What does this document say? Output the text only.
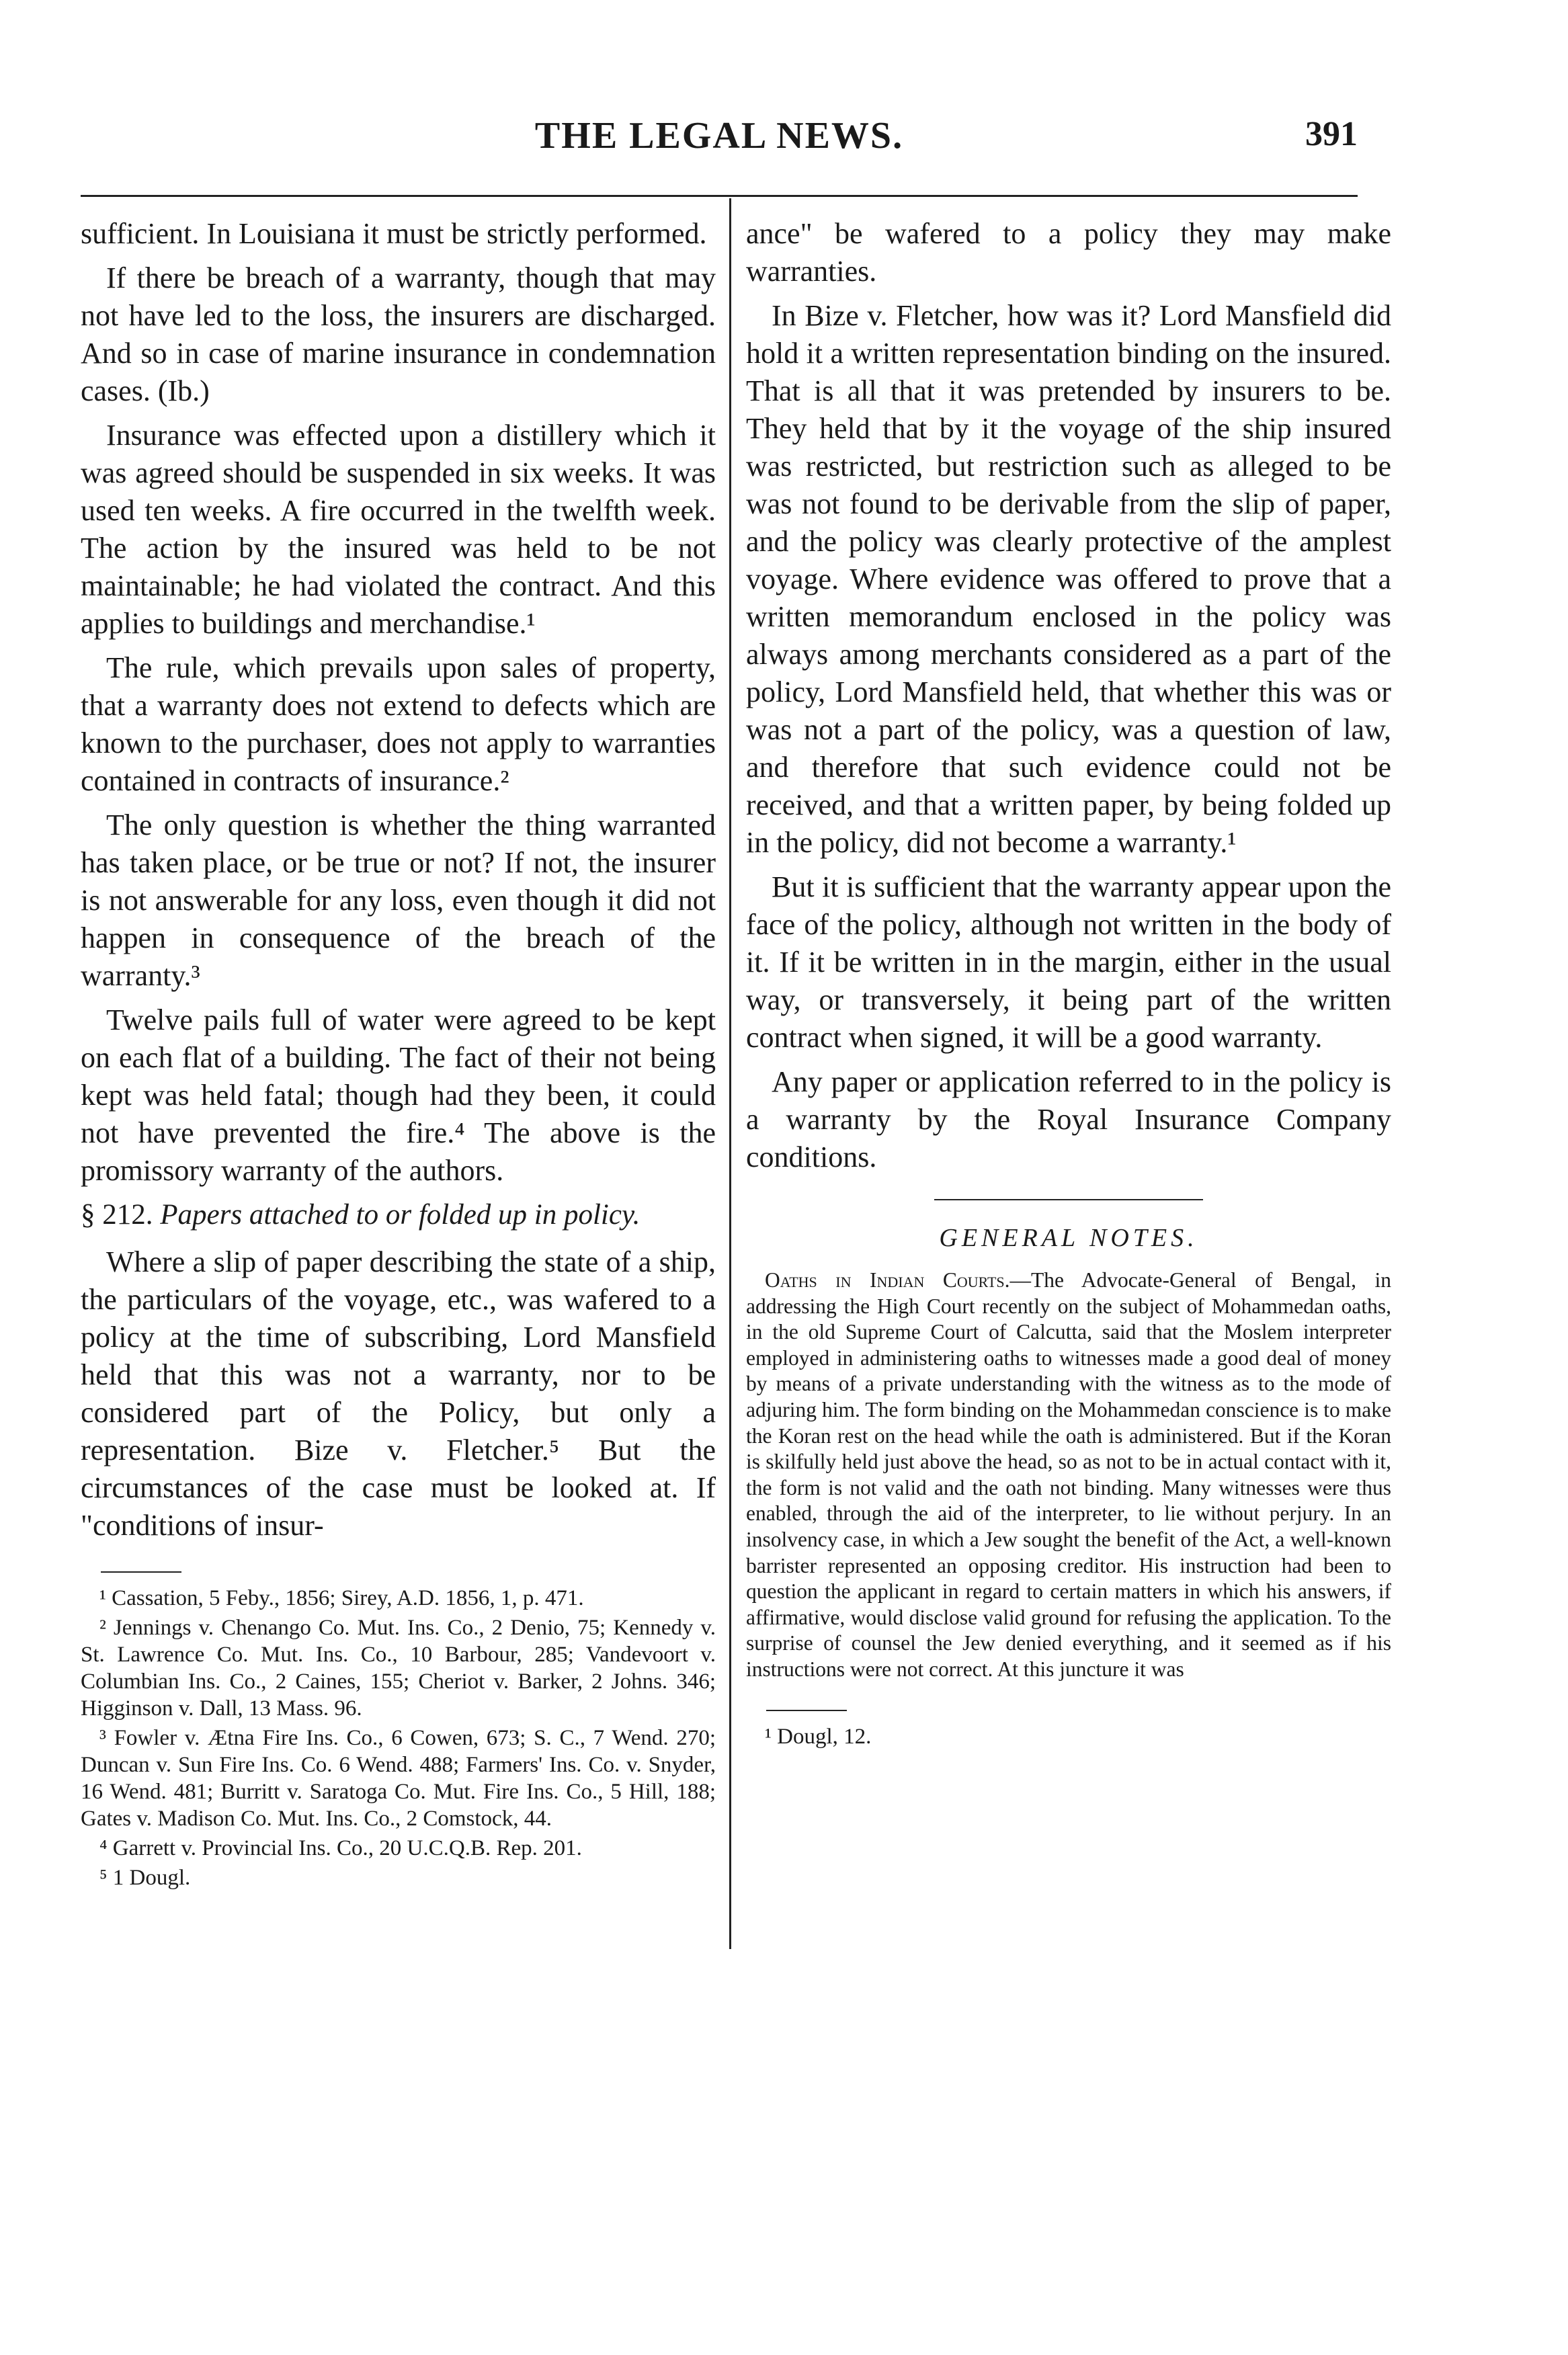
THE LEGAL NEWS.	391

sufficient. In Louisiana it must be strictly performed.

If there be breach of a warranty, though that may not have led to the loss, the insurers are discharged. And so in case of marine insurance in condemnation cases. (Ib.)

Insurance was effected upon a distillery which it was agreed should be suspended in six weeks. It was used ten weeks. A fire occurred in the twelfth week. The action by the insured was held to be not maintainable; he had violated the contract. And this applies to buildings and merchandise.¹

The rule, which prevails upon sales of property, that a warranty does not extend to defects which are known to the purchaser, does not apply to warranties contained in contracts of insurance.²

The only question is whether the thing warranted has taken place, or be true or not? If not, the insurer is not answerable for any loss, even though it did not happen in consequence of the breach of the warranty.³

Twelve pails full of water were agreed to be kept on each flat of a building. The fact of their not being kept was held fatal; though had they been, it could not have prevented the fire.⁴ The above is the promissory warranty of the authors.

§ 212. Papers attached to or folded up in policy.

Where a slip of paper describing the state of a ship, the particulars of the voyage, etc., was wafered to a policy at the time of subscribing, Lord Mansfield held that this was not a warranty, nor to be considered part of the Policy, but only a representation. Bize v. Fletcher.⁵ But the circumstances of the case must be looked at. If "conditions of insur-

¹ Cassation, 5 Feby., 1856; Sirey, A.D. 1856, 1, p. 471.

² Jennings v. Chenango Co. Mut. Ins. Co., 2 Denio, 75; Kennedy v. St. Lawrence Co. Mut. Ins. Co., 10 Barbour, 285; Vandevoort v. Columbian Ins. Co., 2 Caines, 155; Cheriot v. Barker, 2 Johns. 346; Higginson v. Dall, 13 Mass. 96.

³ Fowler v. Ætna Fire Ins. Co., 6 Cowen, 673; S. C., 7 Wend. 270; Duncan v. Sun Fire Ins. Co. 6 Wend. 488; Farmers' Ins. Co. v. Snyder, 16 Wend. 481; Burritt v. Saratoga Co. Mut. Fire Ins. Co., 5 Hill, 188; Gates v. Madison Co. Mut. Ins. Co., 2 Comstock, 44.

⁴ Garrett v. Provincial Ins. Co., 20 U.C.Q.B. Rep. 201.

⁵ 1 Dougl.

ance" be wafered to a policy they may make warranties.

In Bize v. Fletcher, how was it? Lord Mansfield did hold it a written representation binding on the insured. That is all that it was pretended by insurers to be. They held that by it the voyage of the ship insured was restricted, but restriction such as alleged to be was not found to be derivable from the slip of paper, and the policy was clearly protective of the amplest voyage. Where evidence was offered to prove that a written memorandum enclosed in the policy was always among merchants considered as a part of the policy, Lord Mansfield held, that whether this was or was not a part of the policy, was a question of law, and therefore that such evidence could not be received, and that a written paper, by being folded up in the policy, did not become a warranty.¹

But it is sufficient that the warranty appear upon the face of the policy, although not written in the body of it. If it be written in in the margin, either in the usual way, or transversely, it being part of the written contract when signed, it will be a good warranty.

Any paper or application referred to in the policy is a warranty by the Royal Insurance Company conditions.

GENERAL NOTES.

Oaths in Indian Courts.—The Advocate-General of Bengal, in addressing the High Court recently on the subject of Mohammedan oaths, in the old Supreme Court of Calcutta, said that the Moslem interpreter employed in administering oaths to witnesses made a good deal of money by means of a private understanding with the witness as to the mode of adjuring him. The form binding on the Mohammedan conscience is to make the Koran rest on the head while the oath is administered. But if the Koran is skilfully held just above the head, so as not to be in actual contact with it, the form is not valid and the oath not binding. Many witnesses were thus enabled, through the aid of the interpreter, to lie without perjury. In an insolvency case, in which a Jew sought the benefit of the Act, a well-known barrister represented an opposing creditor. His instruction had been to question the applicant in regard to certain matters in which his answers, if affirmative, would disclose valid ground for refusing the application. To the surprise of counsel the Jew denied everything, and it seemed as if his instructions were not correct. At this juncture it was

¹ Dougl, 12.
